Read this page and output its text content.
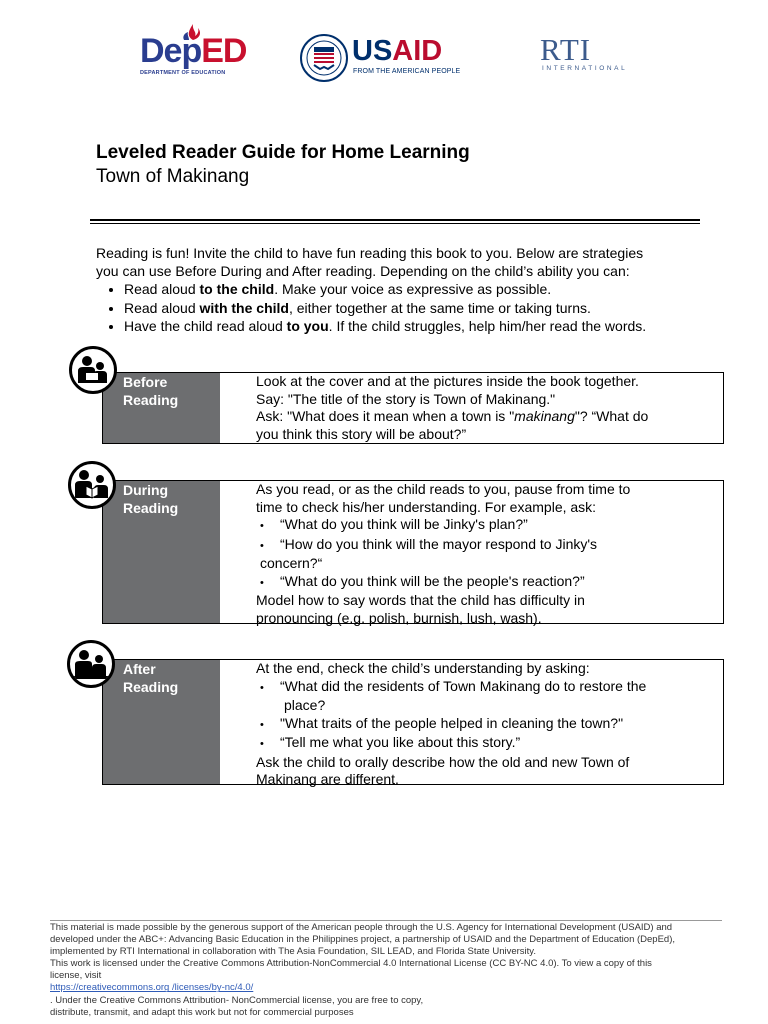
DepED
DEPARTMENT OF EDUCATION
USAID
FROM THE AMERICAN PEOPLE
RTI
INTERNATIONAL
Leveled Reader Guide for Home Learning
Town of Makinang

Reading is fun! Invite the child to have fun reading this book to you. Below are strategies

you can use Before During and After reading. Depending on the child’s ability you can:

• Read aloud to the child. Make your voice as expressive as possible.
• Read aloud with the child, either together at the same time or taking turns.
• Have the child read aloud to you. If the child struggles, help him/her read the words.
Before
Reading
Look at the cover and at the pictures inside the book together.
Say: "The title of the story is Town of Makinang."
Ask: "What does it mean when a town is "makinang"? “What do
you think this story will be about?”
During
Reading
As you read, or as the child reads to you, pause from time to
time to check his/her understanding. For example, ask:
• “What do you think will be Jinky's plan?”
• “How do you think will the mayor respond to Jinky's
concern?“
• “What do you think will be the people's reaction?”
Model how to say words that the child has difficulty in
pronouncing (e.g. polish, burnish, lush, wash).
After
Reading
At the end, check the child’s understanding by asking:
• “What did the residents of Town Makinang do to restore the
place?
• "What traits of the people helped in cleaning the town?"
• “Tell me what you like about this story.”
Ask the child to orally describe how the old and new Town of
Makinang are different.
This material is made possible by the generous support of the American people through the U.S. Agency for International Development (USAID) and
developed under the ABC+: Advancing Basic Education in the Philippines project, a partnership of USAID and the Department of Education (DepEd),
implemented by RTI International in collaboration with The Asia Foundation, SIL LEAD, and Florida State University.
This work is licensed under the Creative Commons Attribution-NonCommercial 4.0 International License (CC BY-NC 4.0). To view a copy of this
license, visit
https://creativecommons.org /licenses/by-nc/4.0/
. Under the Creative Commons Attribution- NonCommercial license, you are free to copy,
distribute, transmit, and adapt this work but not for commercial purposes
